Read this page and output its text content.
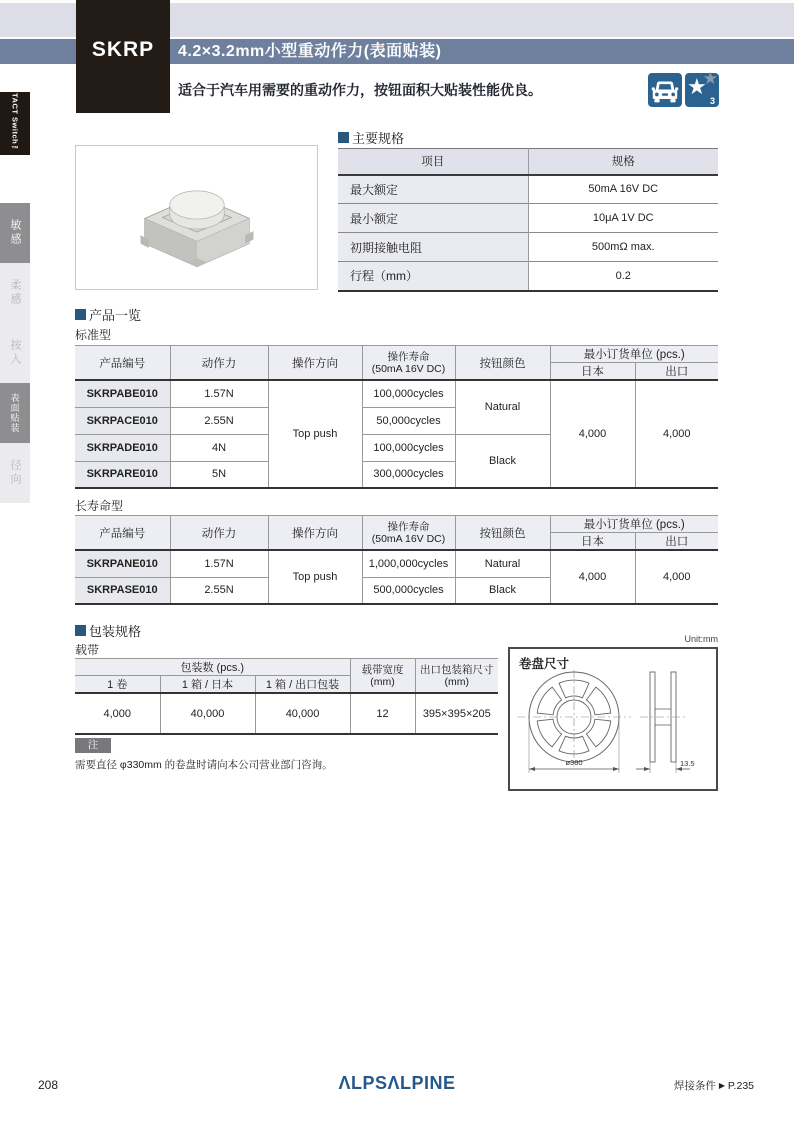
4.2×3.2mm小型重动作力(表面贴装)
SKRP
适合于汽车用需要的重动作力，按钮面积大贴装性能优良。
★
★
3
TACT Switch™
敏感
柔感
按入
表面贴装
径向
主要规格
项目	规格
最大额定	50mA 16V DC
最小额定	10μA 1V DC
初期接触电阻	500mΩ max.
行程（mm）	0.2
产品一览
标准型
产品编号	动作力	操作方向	操作寿命
(50mA 16V DC)	按钮颜色	最小订货单位 (pcs.)	
					日本	出口
SKRPABE010	1.57N	Top push	100,000cycles	Natural	4,000	4,000
SKRPACE010	2.55N		50,000cycles			
SKRPADE010	4N		100,000cycles	Black		
SKRPARE010	5N		300,000cycles			
长寿命型
产品编号	动作力	操作方向	操作寿命
(50mA 16V DC)	按钮颜色	最小订货单位 (pcs.)	
					日本	出口
SKRPANE010	1.57N	Top push	1,000,000cycles	Natural	4,000	4,000
SKRPASE010	2.55N		500,000cycles	Black		
包装规格
载带
包装数 (pcs.)			载带宽度
(mm)	出口包装箱尺寸
(mm)
1 卷	1 箱 / 日本	1 箱 / 出口包装		
4,000	40,000	40,000	12	395×395×205
注
需要直径 φ330mm 的卷盘时请向本公司营业部门咨询。
Unit:mm
卷盘尺寸
ø380	13.5
208	ΛLPSΛLPINE	焊接条件 ▶ P.235
